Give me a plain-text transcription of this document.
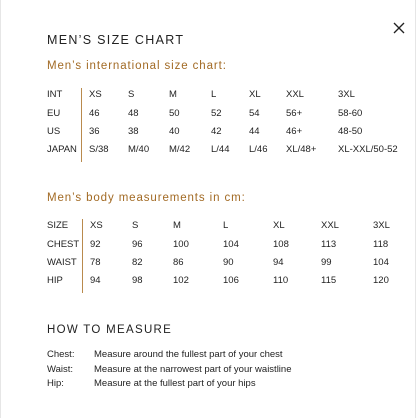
MEN’S SIZE CHART
Men’s international size chart:
INT	XS	S	M	L	XL	XXL	3XL
EU	46	48	50	52	54	56+	58-60
US	36	38	40	42	44	46+	48-50
JAPAN S/38 M/40 M/42 L/44 L/46 XL/48+ XL-XXL/50-52
Men’s body measurements in cm:
SIZE XS	S	M	L	XL	XXL	3XL
CHEST 92	96	100	104	108	113	118
WAIST 78	82	86	90	94	99	104
HIP	94	98	102	106	110	115	120
HOW TO MEASURE
Chest: Measure around the fullest part of your chest
Waist: Measure at the narrowest part of your waistline
Hip:	Measure at the fullest part of your hips
